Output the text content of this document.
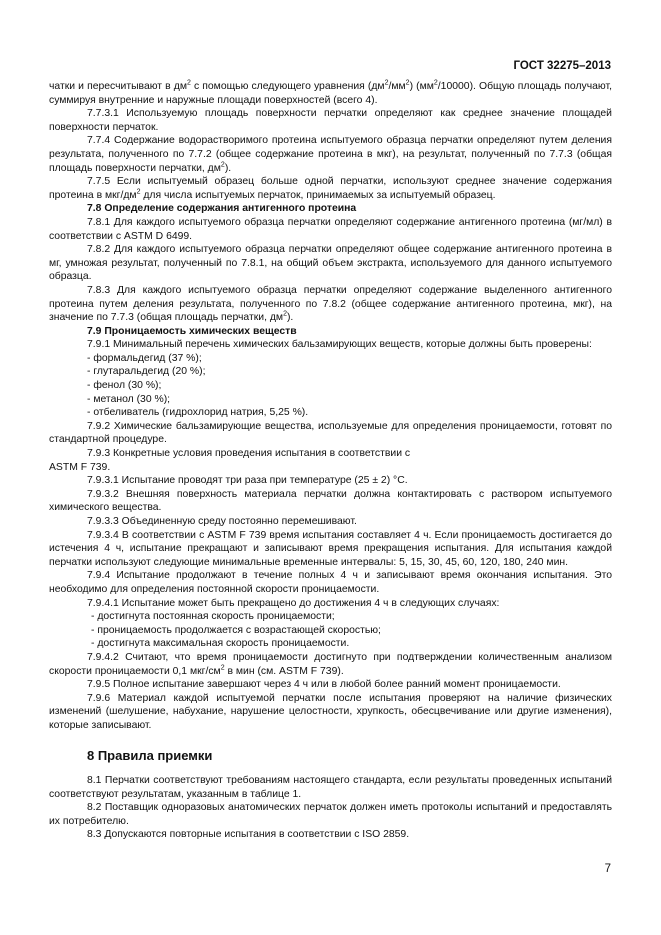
ГОСТ 32275–2013

чатки и пересчитывают в $дм^2$ с помощью следующего уравнения $(дм^2/мм^2)$ $(мм^2/10000)$. Общую площадь получают, суммируя внутренние и наружные площади поверхностей (всего 4).

7.7.3.1 Используемую площадь поверхности перчатки определяют как среднее значение площадей поверхности перчаток.

7.7.4 Содержание водорастворимого протеина испытуемого образца перчатки определяют путем деления результата, полученного по 7.7.2 (общее содержание протеина в мкг), на результат, полученный по 7.7.3 (общая площадь поверхности перчатки, $дм^2$).

7.7.5 Если испытуемый образец больше одной перчатки, используют среднее значение содержания протеина в мкг/$дм^2$ для числа испытуемых перчаток, принимаемых за испытуемый образец.

7.8 Определение содержания антигенного протеина

7.8.1 Для каждого испытуемого образца перчатки определяют содержание антигенного протеина (мг/мл) в соответствии с ASTM D 6499.

7.8.2 Для каждого испытуемого образца перчатки определяют общее содержание антигенного протеина в мг, умножая результат, полученный по 7.8.1, на общий объем экстракта, используемого для данного испытуемого образца.

7.8.3 Для каждого испытуемого образца перчатки определяют содержание выделенного антигенного протеина путем деления результата, полученного по 7.8.2 (общее содержание антигенного протеина, мкг), на значение по 7.7.3 (общая площадь перчатки, $дм^2$).

7.9 Проницаемость химических веществ

7.9.1 Минимальный перечень химических бальзамирующих веществ, которые должны быть проверены:

- формальдегид (37 %);

- глутаральдегид (20 %);

- фенол (30 %);

- метанол (30 %);

- отбеливатель (гидрохлорид натрия, 5,25 %).

7.9.2 Химические бальзамирующие вещества, используемые для определения проницаемости, готовят по стандартной процедуре.

7.9.3 Конкретные условия проведения испытания в соответствии с

ASTM F 739.

7.9.3.1 Испытание проводят три раза при температуре (25 ± 2) °С.

7.9.3.2 Внешняя поверхность материала перчатки должна контактировать с раствором испытуемого химического вещества.

7.9.3.3 Объединенную среду постоянно перемешивают.

7.9.3.4 В соответствии с ASTM F 739 время испытания составляет 4 ч. Если проницаемость достигается до истечения 4 ч, испытание прекращают и записывают время прекращения испытания. Для испытания каждой перчатки используют следующие минимальные временные интервалы: 5, 15, 30, 45, 60, 120, 180, 240 мин.

7.9.4 Испытание продолжают в течение полных 4 ч и записывают время окончания испытания. Это необходимо для определения постоянной скорости проницаемости.

7.9.4.1 Испытание может быть прекращено до достижения 4 ч в следующих случаях:

- достигнута постоянная скорость проницаемости;

- проницаемость продолжается с возрастающей скоростью;

- достигнута максимальная скорость проницаемости.

7.9.4.2 Считают, что время проницаемости достигнуто при подтверждении количественным анализом скорости проницаемости 0,1 мкг/$см^2$ в мин (см. ASTM F 739).

7.9.5 Полное испытание завершают через 4 ч или в любой более ранний момент проницаемости.

7.9.6 Материал каждой испытуемой перчатки после испытания проверяют на наличие физических изменений (шелушение, набухание, нарушение целостности, хрупкость, обесцвечивание или другие изменения), которые записывают.

8 Правила приемки

8.1 Перчатки соответствуют требованиям настоящего стандарта, если результаты проведенных испытаний соответствуют результатам, указанным в таблице 1.

8.2 Поставщик одноразовых анатомических перчаток должен иметь протоколы испытаний и предоставлять их потребителю.

8.3 Допускаются повторные испытания в соответствии с ISO 2859.

7
